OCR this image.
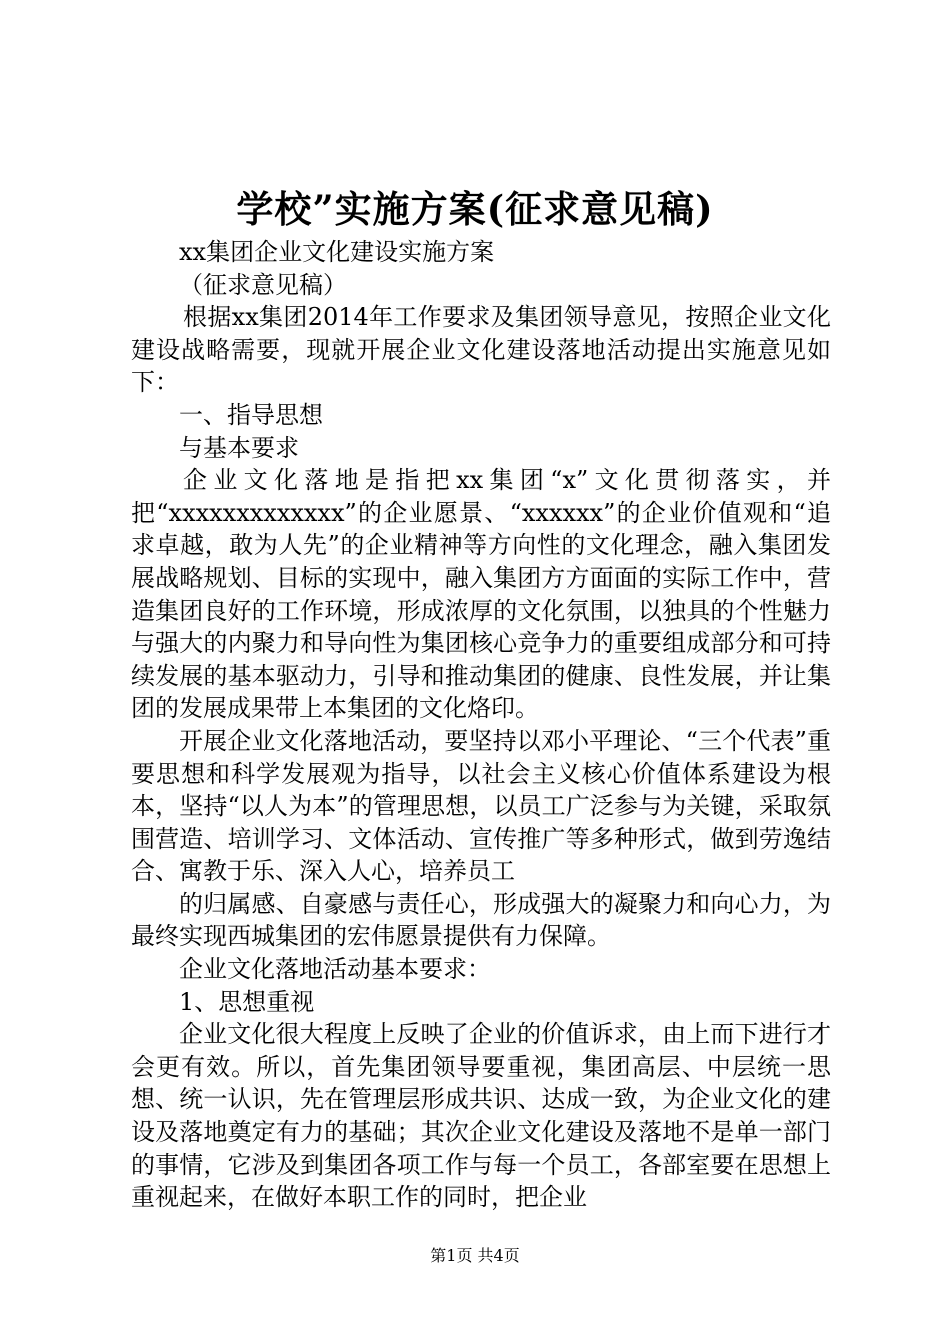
学校”实施方案(征求意见稿)

xx集团企业文化建设实施方案

（征求意见稿）

根据xx集团2014年工作要求及集团领导意见，按照企业文化建设战略需要，现就开展企业文化建设落地活动提出实施意见如下：

一、指导思想

与基本要求

企业文化落地是指把xx集团“x”文化贯彻落实，并把“xxxxxxxxxxxxx”的企业愿景、“xxxxxx”的企业价值观和“追求卓越，敢为人先”的企业精神等方向性的文化理念，融入集团发展战略规划、目标的实现中，融入集团方方面面的实际工作中，营造集团良好的工作环境，形成浓厚的文化氛围，以独具的个性魅力与强大的内聚力和导向性为集团核心竞争力的重要组成部分和可持续发展的基本驱动力，引导和推动集团的健康、良性发展，并让集团的发展成果带上本集团的文化烙印。

开展企业文化落地活动，要坚持以邓小平理论、“三个代表”重要思想和科学发展观为指导，以社会主义核心价值体系建设为根本，坚持“以人为本”的管理思想，以员工广泛参与为关键，采取氛围营造、培训学习、文体活动、宣传推广等多种形式，做到劳逸结合、寓教于乐、深入人心，培养员工

的归属感、自豪感与责任心，形成强大的凝聚力和向心力，为最终实现西城集团的宏伟愿景提供有力保障。

企业文化落地活动基本要求：

1、思想重视

企业文化很大程度上反映了企业的价值诉求，由上而下进行才会更有效。所以，首先集团领导要重视，集团高层、中层统一思想、统一认识，先在管理层形成共识、达成一致，为企业文化的建设及落地奠定有力的基础；其次企业文化建设及落地不是单一部门的事情，它涉及到集团各项工作与每一个员工，各部室要在思想上重视起来，在做好本职工作的同时，把企业

第1页 共4页
